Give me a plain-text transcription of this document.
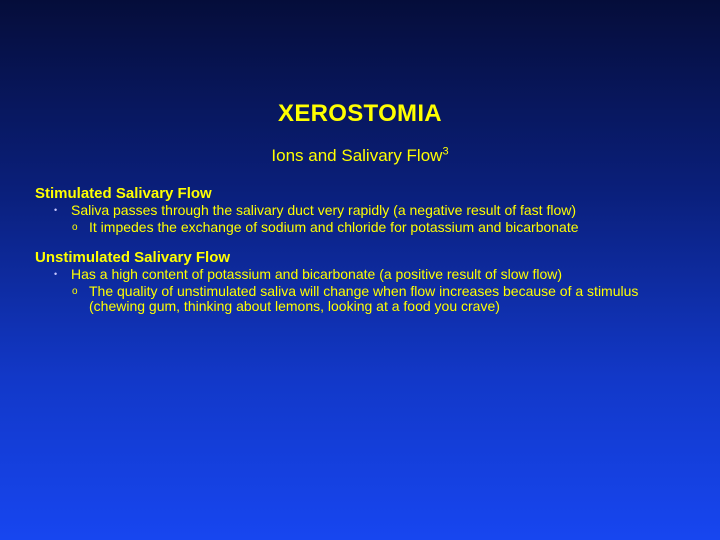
XEROSTOMIA
Ions and Salivary Flow$^3$
Stimulated Salivary Flow
• Saliva passes through the salivary duct very rapidly (a negative result of fast flow)
o It impedes the exchange of sodium and chloride for potassium and bicarbonate
Unstimulated Salivary Flow
• Has a high content of potassium and bicarbonate (a positive result of slow flow)
o The quality of unstimulated saliva will change when flow increases because of a stimulus (chewing gum, thinking about lemons, looking at a food you crave)
